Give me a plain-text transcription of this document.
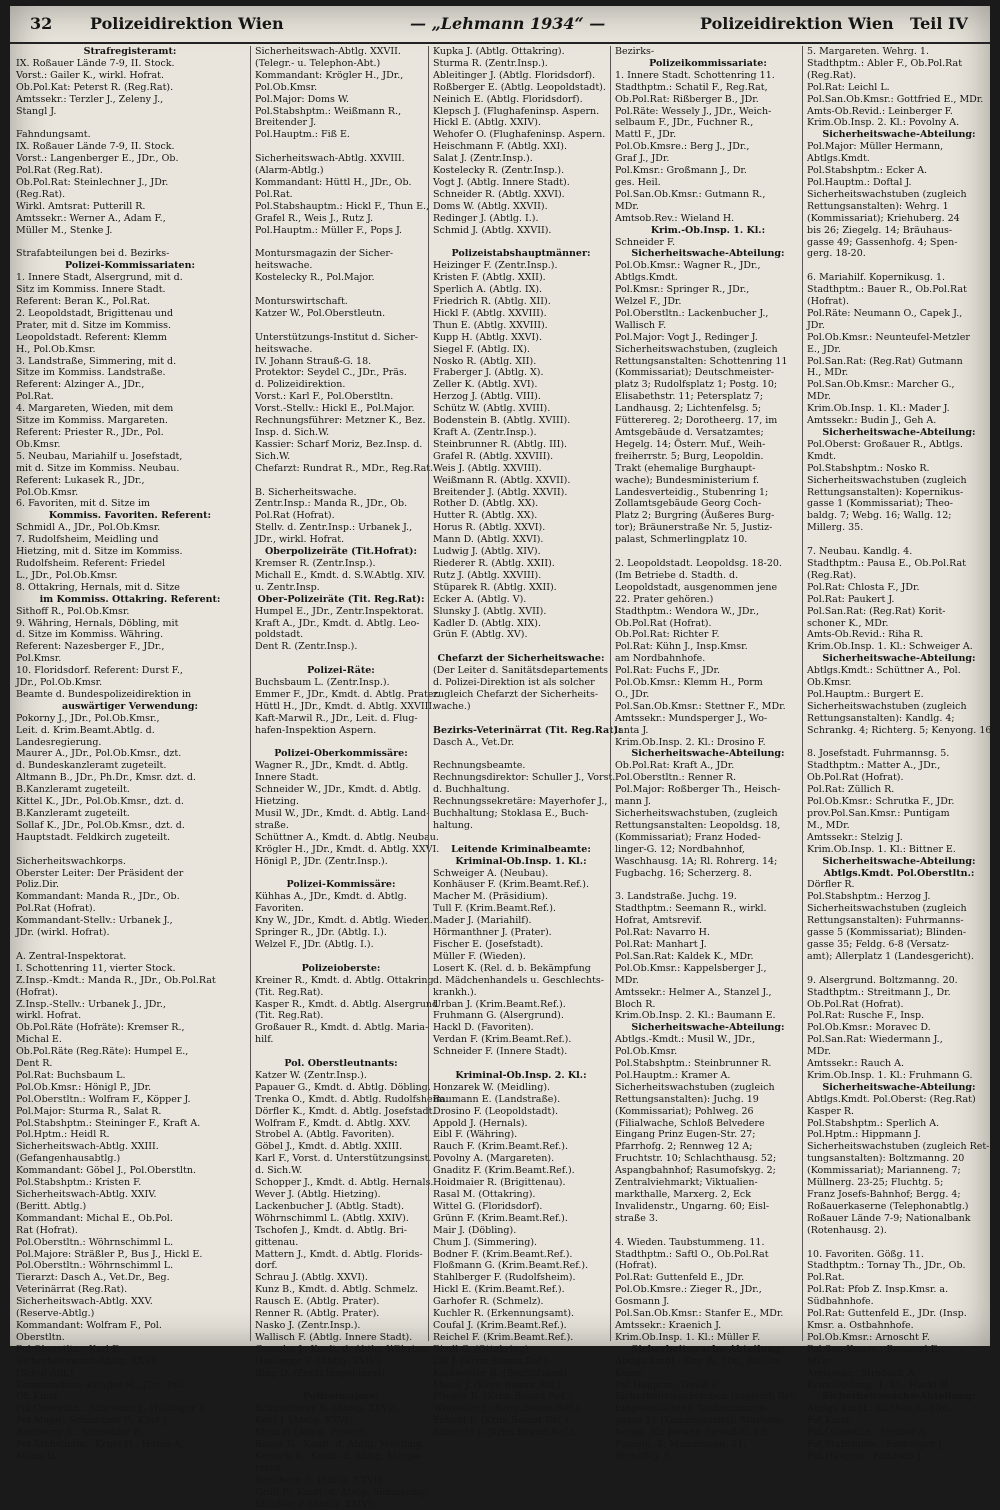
32 Polizeidirektion Wien	— „Lehmann 1934“ —	Polizeidirektion Wien Teil IV
Strafregisteramt:
IX. Roßauer Lände 7-9, II. Stock.
Vorst.: Gailer K., wirkl. Hofrat.
Ob.Pol.Kat: Peterst R. (Reg.Rat).
Amtssekr.: Terzler J., Zeleny J.,
Stangl J.

Fahndungsamt.
IX. Roßauer Lände 7-9, II. Stock.
Vorst.: Langenberger E., JDr., Ob.
Pol.Rat (Reg.Rat).
Ob.Pol.Rat: Steinlechner J., JDr.
(Reg.Rat).
Wirkl. Amtsrat: Putterill R.
Amtssekr.: Werner A., Adam F.,
Müller M., Stenke J.

Strafabteilungen bei d. Bezirks-
Polizei-Kommissariaten:
1. Innere Stadt, Alsergrund, mit d.
Sitz im Kommiss. Innere Stadt.
Referent: Beran K., Pol.Rat.
2. Leopoldstadt, Brigittenau und
Prater, mit d. Sitze im Kommiss.
Leopoldstadt. Referent: Klemm
H., Pol.Ob.Kmsr.
3. Landstraße, Simmering, mit d.
Sitze im Kommiss. Landstraße.
Referent: Alzinger A., JDr.,
Pol.Rat.
4. Margareten, Wieden, mit dem
Sitze im Kommiss. Margareten.
Referent: Priester R., JDr., Pol.
Ob.Kmsr.
5. Neubau, Mariahilf u. Josefstadt,
mit d. Sitze im Kommiss. Neubau.
Referent: Lukasek R., JDr.,
Pol.Ob.Kmsr.
6. Favoriten, mit d. Sitze im
Kommiss. Favoriten. Referent:
Schmidl A., JDr., Pol.Ob.Kmsr.
7. Rudolfsheim, Meidling und
Hietzing, mit d. Sitze im Kommiss.
Rudolfsheim. Referent: Friedel
L., JDr., Pol.Ob.Kmsr.
8. Ottakring, Hernals, mit d. Sitze
im Kommiss. Ottakring. Referent:
Sithoff R., Pol.Ob.Kmsr.
9. Währing, Hernals, Döbling, mit
d. Sitze im Kommiss. Währing.
Referent: Nazesberger F., JDr.,
Pol.Kmsr.
10. Floridsdorf. Referent: Durst F.,
JDr., Pol.Ob.Kmsr.
Beamte d. Bundespolizeidirektion in
auswärtiger Verwendung:
Pokorny J., JDr., Pol.Ob.Kmsr.,
Leit. d. Krim.Beamt.Abtlg. d.
Landesregierung.
Maurer A., JDr., Pol.Ob.Kmsr., dzt.
d. Bundeskanzleramt zugeteilt.
Altmann B., JDr., Ph.Dr., Kmsr. dzt. d.
B.Kanzleramt zugeteilt.
Kittel K., JDr., Pol.Ob.Kmsr., dzt. d.
B.Kanzleramt zugeteilt.
Sollaf K., JDr., Pol.Ob.Kmsr., dzt. d.
Hauptstadt. Feldkirch zugeteilt.

Sicherheitswachkorps.
Oberster Leiter: Der Präsident der
Poliz.Dir.
Kommandant: Manda R., JDr., Ob.
Pol.Rat (Hofrat).
Kommandant-Stellv.: Urbanek J.,
JDr. (wirkl. Hofrat).

A. Zentral-Inspektorat.
I. Schottenring 11, vierter Stock.
Z.Insp.-Kmdt.: Manda R., JDr., Ob.Pol.Rat
(Hofrat).
Z.Insp.-Stellv.: Urbanek J., JDr.,
wirkl. Hofrat.
Ob.Pol.Räte (Hofräte): Kremser R.,
Michal E.
Ob.Pol.Räte (Reg.Räte): Humpel E.,
Dent R.
Pol.Rat: Buchsbaum L.
Pol.Ob.Kmsr.: Hönigl P., JDr.
Pol.Oberstltn.: Wolfram F., Köpper J.
Pol.Major: Sturma R., Salat R.
Pol.Stabshptm.: Steininger F., Kraft A.
Pol.Hptm.: Heidl R.
Sicherheitswach-Abtlg. XXIII.
(Gefangenhausabtlg.)
Kommandant: Göbel J., Pol.Oberstltn.
Pol.Stabshptm.: Kristen F.
Sicherheitswach-Abtlg. XXIV.
(Beritt. Abtlg.)
Kommandant: Michal E., Ob.Pol.
Rat (Hofrat).
Pol.Oberstltn.: Wöhrnschimml L.
Pol.Majore: Sträßler P., Bus J., Hickl E.
Pol.Oberstltn.: Wöhrnschimml L.
Tierarzt: Dasch A., Vet.Dr., Beg.
Veterinärrat (Reg.Rat).
Sicherheitswach-Abtlg. XXV.
(Reserve-Abtlg.)
Kommandant: Wolfram F., Pol.
Oberstltn.
Pol.Oberstltn.: Karl F.
Sicherheitswach-Abtlg. XXVI.
(Schul-Abt.)
Kommandant: Krögler H., JDr., Pol.
Ob.Kmsr.
Pol.Oberstltn.: Schramm J., Hallinger F.
Pol.Major: Schmutzer F., Khol J.,
Bertlberg R., Schneider R.
Pol.Stabshptm.: Krpel H., Harus A.,
Mann D.
Sicherheitswach-Abtlg. XXVII.
(Telegr.- u. Telephon-Abt.)
Kommandant: Krögler H., JDr.,
Pol.Ob.Kmsr.
Pol.Major: Doms W.
Pol.Stabshptm.: Weißmann R.,
Breitender J.
Pol.Hauptm.: Fiß E.

Sicherheitswach-Abtlg. XXVIII.
(Alarm-Abtlg.)
Kommandant: Hüttl H., JDr., Ob.
Pol.Rat.
Pol.Stabshauptm.: Hickl F., Thun E.,
Grafel R., Weis J., Rutz J.
Pol.Hauptm.: Müller F., Pops J.

Montursmagazin der Sicher-
heitswache.
Kostelecky R., Pol.Major.

Monturswirtschaft.
Katzer W., Pol.Oberstleutn.

Unterstützungs-Institut d. Sicher-
heitswache.
IV. Johann Strauß-G. 18.
Protektor: Seydel C., JDr., Präs.
d. Polizeidirektion.
Vorst.: Karl F., Pol.Oberstltn.
Vorst.-Stellv.: Hickl E., Pol.Major.
Rechnungsführer: Metzner K., Bez.
Insp. d. Sich.W.
Kassier: Scharf Moriz, Bez.Insp. d.
Sich.W.
Chefarzt: Rundrat R., MDr., Reg.Rat.

B. Sicherheitswache.
Zentr.Insp.: Manda R., JDr., Ob.
Pol.Rat (Hofrat).
Stellv. d. Zentr.Insp.: Urbanek J.,
JDr., wirkl. Hofrat.
Oberpolizeiräte (Tit.Hofrat):
Kremser R. (Zentr.Insp.).
Michall E., Kmdt. d. S.W.Abtlg. XIV.
u. Zentr.Insp.
Ober-Polizeiräte (Tit. Reg.Rat):
Humpel E., JDr., Zentr.Inspektorat.
Kraft A., JDr., Kmdt. d. Abtlg. Leo-
poldstadt.
Dent R. (Zentr.Insp.).

Polizei-Räte:
Buchsbaum L. (Zentr.Insp.).
Emmer F., JDr., Kmdt. d. Abtlg. Prater.
Hüttl H., JDr., Kmdt. d. Abtlg. XXVIII.
Kaft-Marwil R., JDr., Leit. d. Flug-
hafen-Inspektion Aspern.

Polizei-Oberkommissäre:
Wagner R., JDr., Kmdt. d. Abtlg.
Innere Stadt.
Schneider W., JDr., Kmdt. d. Abtlg.
Hietzing.
Musil W., JDr., Kmdt. d. Abtlg. Land-
straße.
Schüttner A., Kmdt. d. Abtlg. Neubau.
Krögler H., JDr., Kmdt. d. Abtlg. XXVI.
Hönigl P., JDr. (Zentr.Insp.).

Polizei-Kommissäre:
Kühhas A., JDr., Kmdt. d. Abtlg.
Favoriten.
Kny W., JDr., Kmdt. d. Abtlg. Wieden.
Springer R., JDr. (Abtlg. I.).
Welzel F., JDr. (Abtlg. I.).

Polizeioberste:
Kreiner R., Kmdt. d. Abtlg. Ottakring
(Tit. Reg.Rat).
Kasper R., Kmdt. d. Abtlg. Alsergrund
(Tit. Reg.Rat).
Großauer R., Kmdt. d. Abtlg. Maria-
hilf.

Pol. Oberstleutnants:
Katzer W. (Zentr.Insp.).
Papauer G., Kmdt. d. Abtlg. Döbling.
Trenka O., Kmdt. d. Abtlg. Rudolfsheim.
Dörfler K., Kmdt. d. Abtlg. Josefstadt.
Wolfram F., Kmdt. d. Abtlg. XXV.
Strobel A. (Abtlg. Favoriten).
Göbel J., Kmdt. d. Abtlg. XXIII.
Karl F., Vorst. d. Unterstützungsinst.
d. Sich.W.
Schopper J., Kmdt. d. Abtlg. Hernals.
Wever J. (Abtlg. Hietzing).
Lackenbucher J. (Abtlg. Stadt).
Wöhrnschimml L. (Abtlg. XXIV).
Tschofen J., Kmdt. d. Abtlg. Bri-
gittenau.
Mattern J., Kmdt. d. Abtlg. Florids-
dorf.
Schrau J. (Abtlg. XXVI).
Kunz B., Kmdt. d. Abtlg. Schmelz.
Rausch E. (Abtlg. Prater).
Renner R. (Abtlg. Prater).
Nasko J. (Zentr.Insp.).
Wallisch F. (Abtlg. Innere Stadt).
Gamohn J., Kmdt. d. Abtlg. Währing.
Haslinger F. (Abtlg. XXIV).
Iling D. (Zentr.Inspektorat).

Polizeimajore:
Schmutterer R. (Abtlg. XXVI).
Kohl J. (Abtlg. XXVI).
Klein F. (Abtlg. Prater).
Bauer R., Kmdt. d. Abtlg. Meidling.
Kreisch R., Kmdt. d. Abtlg. Marga-
reten.
Bertlberg R. (Abtlg. XXVI).
Grüll F., Kmdt. d. Abtlg. Simmering.
Sträßler P. (Abtlg. XXIV).
Kupka J. (Abtlg. Ottakring).
Sturma R. (Zentr.Insp.).
Ableitinger J. (Abtlg. Floridsdorf).
Roßberger E. (Abtlg. Leopoldstadt).
Neinich E. (Abtlg. Floridsdorf).
Klepsch J. (Flughafeninsp. Aspern.
Hickl E. (Abtlg. XXIV).
Wehofer O. (Flughafeninsp. Aspern.
Heischmann F. (Abtlg. XXI).
Salat J. (Zentr.Insp.).
Kostelecky R. (Zentr.Insp.).
Vogt J. (Abtlg. Innere Stadt).
Schneider R. (Abtlg. XXVI).
Doms W. (Abtlg. XXVII).
Redinger J. (Abtlg. I.).
Schmid J. (Abtlg. XXVII).

Polizeistabshauptmänner:
Heizinger F. (Zentr.Insp.).
Kristen F. (Abtlg. XXII).
Sperlich A. (Abtlg. IX).
Friedrich R. (Abtlg. XII).
Hickl F. (Abtlg. XXVIII).
Thun E. (Abtlg. XXVIII).
Kupp H. (Abtlg. XXVI).
Siegel F. (Abtlg. IX).
Nosko R. (Abtlg. XII).
Fraberger J. (Abtlg. X).
Zeller K. (Abtlg. XVI).
Herzog J. (Abtlg. VIII).
Schütz W. (Abtlg. XVIII).
Bodenstein B. (Abtlg. XVIII).
Kraft A. (Zentr.Insp.).
Steinbrunner R. (Abtlg. III).
Grafel R. (Abtlg. XXVIII).
Weis J. (Abtlg. XXVIII).
Weißmann R. (Abtlg. XXVII).
Breitender J. (Abtlg. XXVII).
Rother D. (Abtlg. XX).
Hutter R. (Abtlg. XX).
Horus R. (Abtlg. XXVI).
Mann D. (Abtlg. XXVI).
Ludwig J. (Abtlg. XIV).
Riederer R. (Abtlg. XXII).
Rutz J. (Abtlg. XXVIII).
Stüparek R. (Abtlg. XXII).
Ecker A. (Abtlg. V).
Slunsky J. (Abtlg. XVII).
Kadler D. (Abtlg. XIX).
Grün F. (Abtlg. XV).

Chefarzt der Sicherheitswache:
(Der Leiter d. Sanitätsdepartements
d. Polizei-Direktion ist als solcher
zugleich Chefarzt der Sicherheits-
wache.)

Bezirks-Veterinärrat (Tit. Reg.Rat):
Dasch A., Vet.Dr.

Rechnungsbeamte.
Rechnungsdirektor: Schuller J., Vorst.
d. Buchhaltung.
Rechnungssekretäre: Mayerhofer J.,
Buchhaltung; Stoklasa E., Buch-
haltung.

Leitende Kriminalbeamte:
Kriminal-Ob.Insp. 1. Kl.:
Schweiger A. (Neubau).
Konhäuser F. (Krim.Beamt.Ref.).
Macher M. (Präsidium).
Tull F. (Krim.Beamt.Ref.).
Mader J. (Mariahilf).
Hörmanthner J. (Prater).
Fischer E. (Josefstadt).
Müller F. (Wieden).
Losert K. (Rel. d. b. Bekämpfung
d. Mädchenhandels u. Geschlechts-
krankh.).
Urban J. (Krim.Beamt.Ref.).
Fruhmann G. (Alsergrund).
Hackl D. (Favoriten).
Verdan F. (Krim.Beamt.Ref.).
Schneider F. (Innere Stadt).

Kriminal-Ob.Insp. 2. Kl.:
Honzarek W. (Meidling).
Baumann E. (Landstraße).
Drosino F. (Leopoldstadt).
Appold J. (Hernals).
Eibl F. (Währing).
Rauch F. (Krim.Beamt.Ref.).
Povolny A. (Margareten).
Gnaditz F. (Krim.Beamt.Ref.).
Hoidmaier R. (Brigittenau).
Rasal M. (Ottakring).
Wittel G. (Floridsdorf).
Grünn F. (Krim.Beamt.Ref.).
Mair J. (Döbling).
Chum J. (Simmering).
Bodner F. (Krim.Beamt.Ref.).
Floßmann G. (Krim.Beamt.Ref.).
Stahlberger F. (Rudolfsheim).
Hickl E. (Krim.Beamt.Ref.).
Garhofer R. (Schmelz).
Kuchler R. (Erkennungsamt).
Coufal J. (Krim.Beamt.Ref.).
Reichel F. (Krim.Beamt.Ref.).
Bindl G. (Ottakring).
Lill J. (Krim.Beamt.Ref.).
Kießwetter R. (Seehilfsamt).
Mesel J. (Krim.Beamt.Ref.).
Pfleger R. (Krim.Beamt.Ref.).
Winwater J. (Krim.Beamt.Ref.).
Schant F. (Krim.Beamt.Ref.).
Albrecht J. (Krim.Beamt.Ref.).
Bezirks-
Polizeikommissariate:
1. Innere Stadt. Schottenring 11.
Stadthptm.: Schatil F., Reg.Rat,
Ob.Pol.Rat: Rißberger B., JDr.
Pol.Räte: Wessely J., JDr., Weich-
selbaum F., JDr., Fuchner R.,
Mattl F., JDr.
Pol.Ob.Kmsre.: Berg J., JDr.,
Graf J., JDr.
Pol.Kmsr.: Großmann J., Dr.
ges. Heil.
Pol.San.Ob.Kmsr.: Gutmann R.,
MDr.
Amtsob.Rev.: Wieland H.
Krim.-Ob.Insp. 1. Kl.:
Schneider F.
Sicherheitswache-Abteilung:
Pol.Ob.Kmsr.: Wagner R., JDr.,
Abtlgs.Kmdt.
Pol.Kmsr.: Springer R., JDr.,
Welzel F., JDr.
Pol.Oberstltn.: Lackenbucher J.,
Wallisch F.
Pol.Major: Vogt J., Redinger J.
Sicherheitswachstuben, (zugleich
Rettungsanstalten: Schottenring 11
(Kommissariat); Deutschmeister-
platz 3; Rudolfsplatz 1; Postg. 10;
Elisabethstr. 11; Petersplatz 7;
Landhausg. 2; Lichtenfelsg. 5;
Fütterereg. 2; Dorotheerg. 17, im
Amtsgebäude d. Versatzamtes;
Hegelg. 14; Österr. Muf., Weih-
freiherrstr. 5; Burg, Leopoldin.
Trakt (ehemalige Burghaupt-
wache); Bundesministerium f.
Landesverteidig., Stubenring 1;
Zollamtsgebäude Georg Coch-
Platz 2; Burgring (Äußeres Burg-
tor); Bräunerstraße Nr. 5, Justiz-
palast, Schmerlingplatz 10.

2. Leopoldstadt. Leopoldsg. 18-20.
(Im Betriebe d. Stadth. d.
Leopoldstadt, ausgenommen jene
22. Prater gehören.)
Stadthptm.: Wendora W., JDr.,
Ob.Pol.Rat (Hofrat).
Ob.Pol.Rat: Richter F.
Pol.Rat: Kühn J., Insp.Kmsr.
am Nordbahnhofe.
Pol.Rat: Fuchs F., JDr.
Pol.Ob.Kmsr.: Klemm H., Porm
O., JDr.
Pol.San.Ob.Kmsr.: Stettner F., MDr.
Amtssekr.: Mundsperger J., Wo-
lanta J.
Krim.Ob.Insp. 2. Kl.: Drosino F.
Sicherheitswache-Abteilung:
Ob.Pol.Rat: Kraft A., JDr.
Pol.Oberstltn.: Renner R.
Pol.Major: Roßberger Th., Heisch-
mann J.
Sicherheitswachstuben, (zugleich
Rettungsanstalten: Leopoldsg. 18,
(Kommissariat); Franz Hoded-
linger-G. 12; Nordbahnhof,
Waschhausg. 1A; Rl. Rohrerg. 14;
Fugbachg. 16; Scherzerg. 8.

3. Landstraße. Juchg. 19.
Stadthptm.: Seemann R., wirkl.
Hofrat, Amtsrevif.
Pol.Rat: Navarro H.
Pol.Rat: Manhart J.
Pol.San.Rat: Kaldek K., MDr.
Pol.Ob.Kmsr.: Kappelsberger J.,
MDr.
Amtssekr.: Helmer A., Stanzel J.,
Bloch R.
Krim.Ob.Insp. 2. Kl.: Baumann E.
Sicherheitswache-Abteilung:
Abtlgs.-Kmdt.: Musil W., JDr.,
Pol.Ob.Kmsr.
Pol.Stabshptm.: Steinbrunner R.
Pol.Hauptm.: Kramer A.
Sicherheitswachstuben (zugleich
Rettungsanstalten): Juchg. 19
(Kommissariat); Pohlweg. 26
(Filialwache, Schloß Belvedere
Eingang Prinz Eugen-Str. 27;
Pfarrhofg. 2; Rennweg 12 A;
Fruchtstr. 10; Schlachthausg. 52;
Aspangbahnhof; Rasumofskyg. 2;
Zentralviehmarkt; Viktualien-
markthalle, Marxerg. 2, Eck
Invalidenstr., Ungarng. 60; Eisl-
straße 3.

4. Wieden. Taubstummeng. 11.
Stadthptm.: Saftl O., Ob.Pol.Rat
(Hofrat).
Pol.Rat: Guttenfeld E., JDr.
Pol.Ob.Kmsre.: Zieger R., JDr.,
Gosmann J.
Pol.San.Ob.Kmsr.: Stanfer E., MDr.
Amtssekr.: Kraenich J.
Krim.Ob.Insp. 1. Kl.: Müller F.
Sicherheitswache-Abteilung:
Abtlgs.Kmdt.: Kny W., JDr., Pol.Ob.
Kmsr.
Pol.Hauptm.: David F.
Sicherheitswachstuben (zugleich Ret-
tungsanstalten): Taubstummen-
gasse 11 (Kommissariat); Starhem-
bergg. 32; Johann Strauß-G. 18;
Paniglg. 2; Mommseng. 21;
Rienößlg. 6.
5. Margareten. Wehrg. 1.
Stadthptm.: Abler F., Ob.Pol.Rat
(Reg.Rat).
Pol.Rat: Leichl L.
Pol.San.Ob.Kmsr.: Gottfried E., MDr.
Amts-Ob.Revid.: Leinberger F.
Krim.Ob.Insp. 2. Kl.: Povolny A.
Sicherheitswache-Abteilung:
Pol.Major: Müller Hermann,
Abtlgs.Kmdt.
Pol.Stabshptm.: Ecker A.
Pol.Hauptm.: Doftal J.
Sicherheitswachstuben (zugleich
Rettungsanstalten): Wehrg. 1
(Kommissariat); Kriehuberg. 24
bis 26; Ziegelg. 14; Bräuhaus-
gasse 49; Gassenhofg. 4; Spen-
gerg. 18-20.

6. Mariahilf. Kopernikusg. 1.
Stadthptm.: Bauer R., Ob.Pol.Rat
(Hofrat).
Pol.Räte: Neumann O., Capek J.,
JDr.
Pol.Ob.Kmsr.: Neunteufel-Metzler
E., JDr.
Pol.San.Rat: (Reg.Rat) Gutmann
H., MDr.
Pol.San.Ob.Kmsr.: Marcher G.,
MDr.
Krim.Ob.Insp. 1. Kl.: Mader J.
Amtssekr.: Budin J., Geh A.
Sicherheitswache-Abteilung:
Pol.Oberst: Großauer R., Abtlgs.
Kmdt.
Pol.Stabshptm.: Nosko R.
Sicherheitswachstuben (zugleich
Rettungsanstalten): Kopernikus-
gasse 1 (Kommissariat); Theo-
baldg. 7; Webg. 16; Wallg. 12;
Millerg. 35.

7. Neubau. Kandlg. 4.
Stadthptm.: Pausa E., Ob.Pol.Rat
(Reg.Rat).
Pol.Rat: Chlosta F., JDr.
Pol.Rat: Paukert J.
Pol.San.Rat: (Reg.Rat) Korit-
schoner K., MDr.
Amts-Ob.Revid.: Riha R.
Krim.Ob.Insp. 1. Kl.: Schweiger A.
Sicherheitswache-Abteilung:
Abtlgs.Kmdt.: Schüttner A., Pol.
Ob.Kmsr.
Pol.Hauptm.: Burgert E.
Sicherheitswachstuben (zugleich
Rettungsanstalten): Kandlg. 4;
Schrankg. 4; Richterg. 5; Kenyong. 16.

8. Josefstadt. Fuhrmannsg. 5.
Stadthptm.: Matter A., JDr.,
Ob.Pol.Rat (Hofrat).
Pol.Rat: Züllich R.
Pol.Ob.Kmsr.: Schrutka F., JDr.
prov.Pol.San.Kmsr.: Puntigam
M., MDr.
Amtssekr.: Stelzig J.
Krim.Ob.Insp. 1. Kl.: Bittner E.
Sicherheitswache-Abteilung:
Abtlgs.Kmdt. Pol.Oberstltn.:
Dörfler R.
Pol.Stabshptm.: Herzog J.
Sicherheitswachstuben (zugleich
Rettungsanstalten): Fuhrmanns-
gasse 5 (Kommissariat); Blinden-
gasse 35; Feldg. 6-8 (Versatz-
amt); Allerplatz 1 (Landesgericht).

9. Alsergrund. Boltzmanng. 20.
Stadthptm.: Streitmann J., Dr.
Ob.Pol.Rat (Hofrat).
Pol.Rat: Rusche F., Insp.
Pol.Ob.Kmsr.: Moravec D.
Pol.San.Rat: Wiedermann J.,
MDr.
Amtssekr.: Rauch A.
Krim.Ob.Insp. 1. Kl.: Fruhmann G.
Sicherheitswache-Abteilung:
Abtlgs.Kmdt. Pol.Oberst: (Reg.Rat)
Kasper R.
Pol.Stabshptm.: Sperlich A.
Pol.Hptm.: Hippmann J.
Sicherheitswachstuben (zugleich Ret-
tungsanstalten): Boltzmanng. 20
(Kommissariat); Marianneng. 7;
Müllnerg. 23-25; Fluchtg. 5;
Franz Josefs-Bahnhof; Bergg. 4;
Roßauerkaserne (Telephonabtlg.)
Roßauer Lände 7-9; Nationalbank
(Rotenhausg. 2).

10. Favoriten. Gößg. 11.
Stadthptm.: Tornay Th., JDr., Ob.
Pol.Rat.
Pol.Rat: Pfob Z. Insp.Kmsr. a.
Südbahnhofe.
Pol.Rat: Guttenfeld E., JDr. (Insp.
Kmsr. a. Ostbahnhofe.
Pol.Ob.Kmsr.: Arnoscht F.
Pol.San.Kmsre.: Remezel E.,
MDr.
Amtssekr.: Strobach A.
Krim.Ob.Insp. 1. Kl.: Hackl H.
Sicherheitswache-Abteilung:
Abtlgs.Kmdt.: Kühhas A., JDr.,
Pol.Kmsr.
Pol.Oberstltn.: Strobel A.
Pol.Stabshptm.: Fraberger J.
Pol.Hauptm.: Pollitsch J.
